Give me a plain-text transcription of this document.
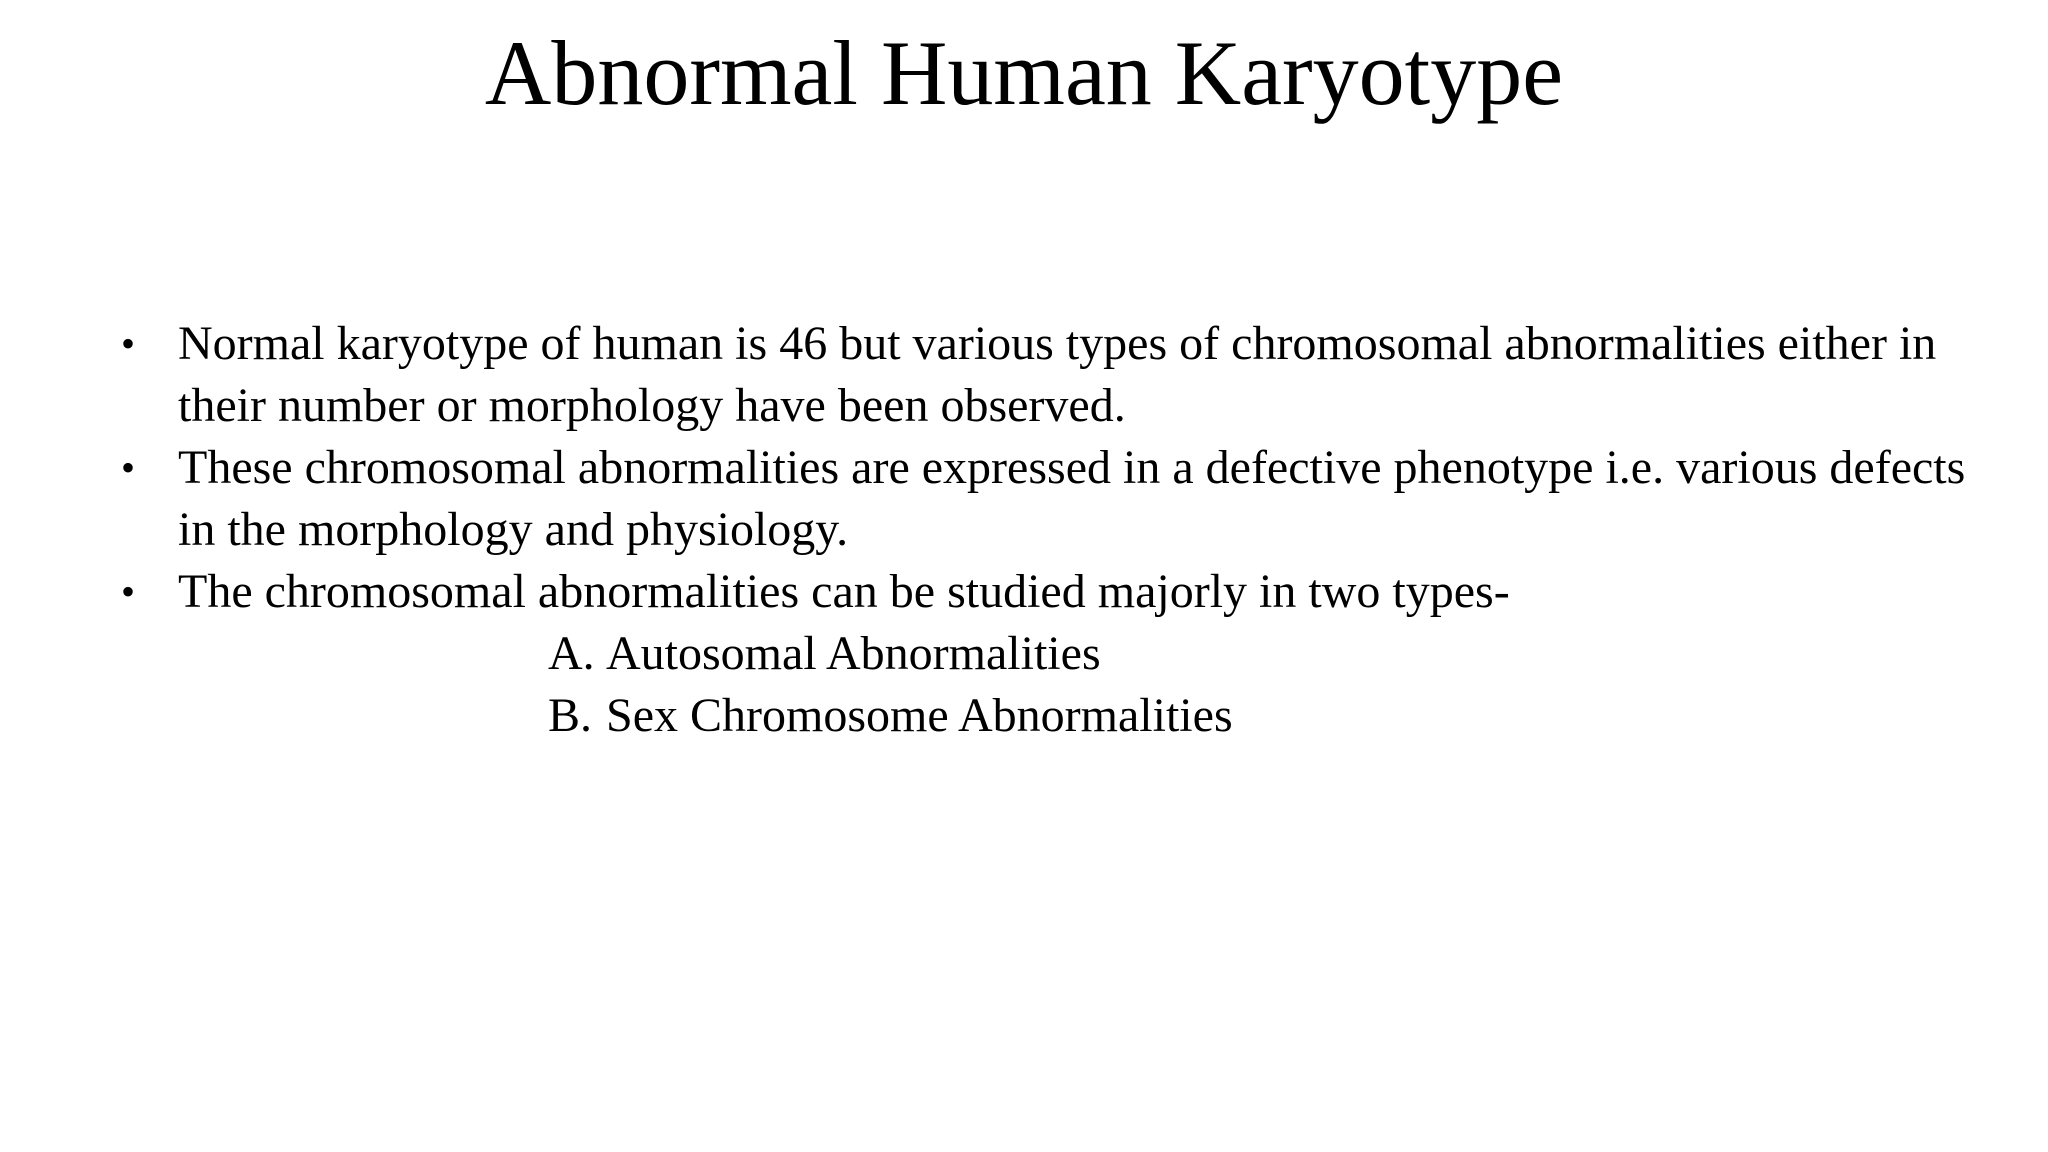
Abnormal Human Karyotype
• Normal karyotype of human is 46 but various types of chromosomal abnormalities either in their number or morphology have been observed.
• These chromosomal abnormalities are expressed in a defective phenotype i.e. various defects in the morphology and physiology.
• The chromosomal abnormalities can be studied majorly in two types-
A. Autosomal Abnormalities
B. Sex Chromosome Abnormalities
